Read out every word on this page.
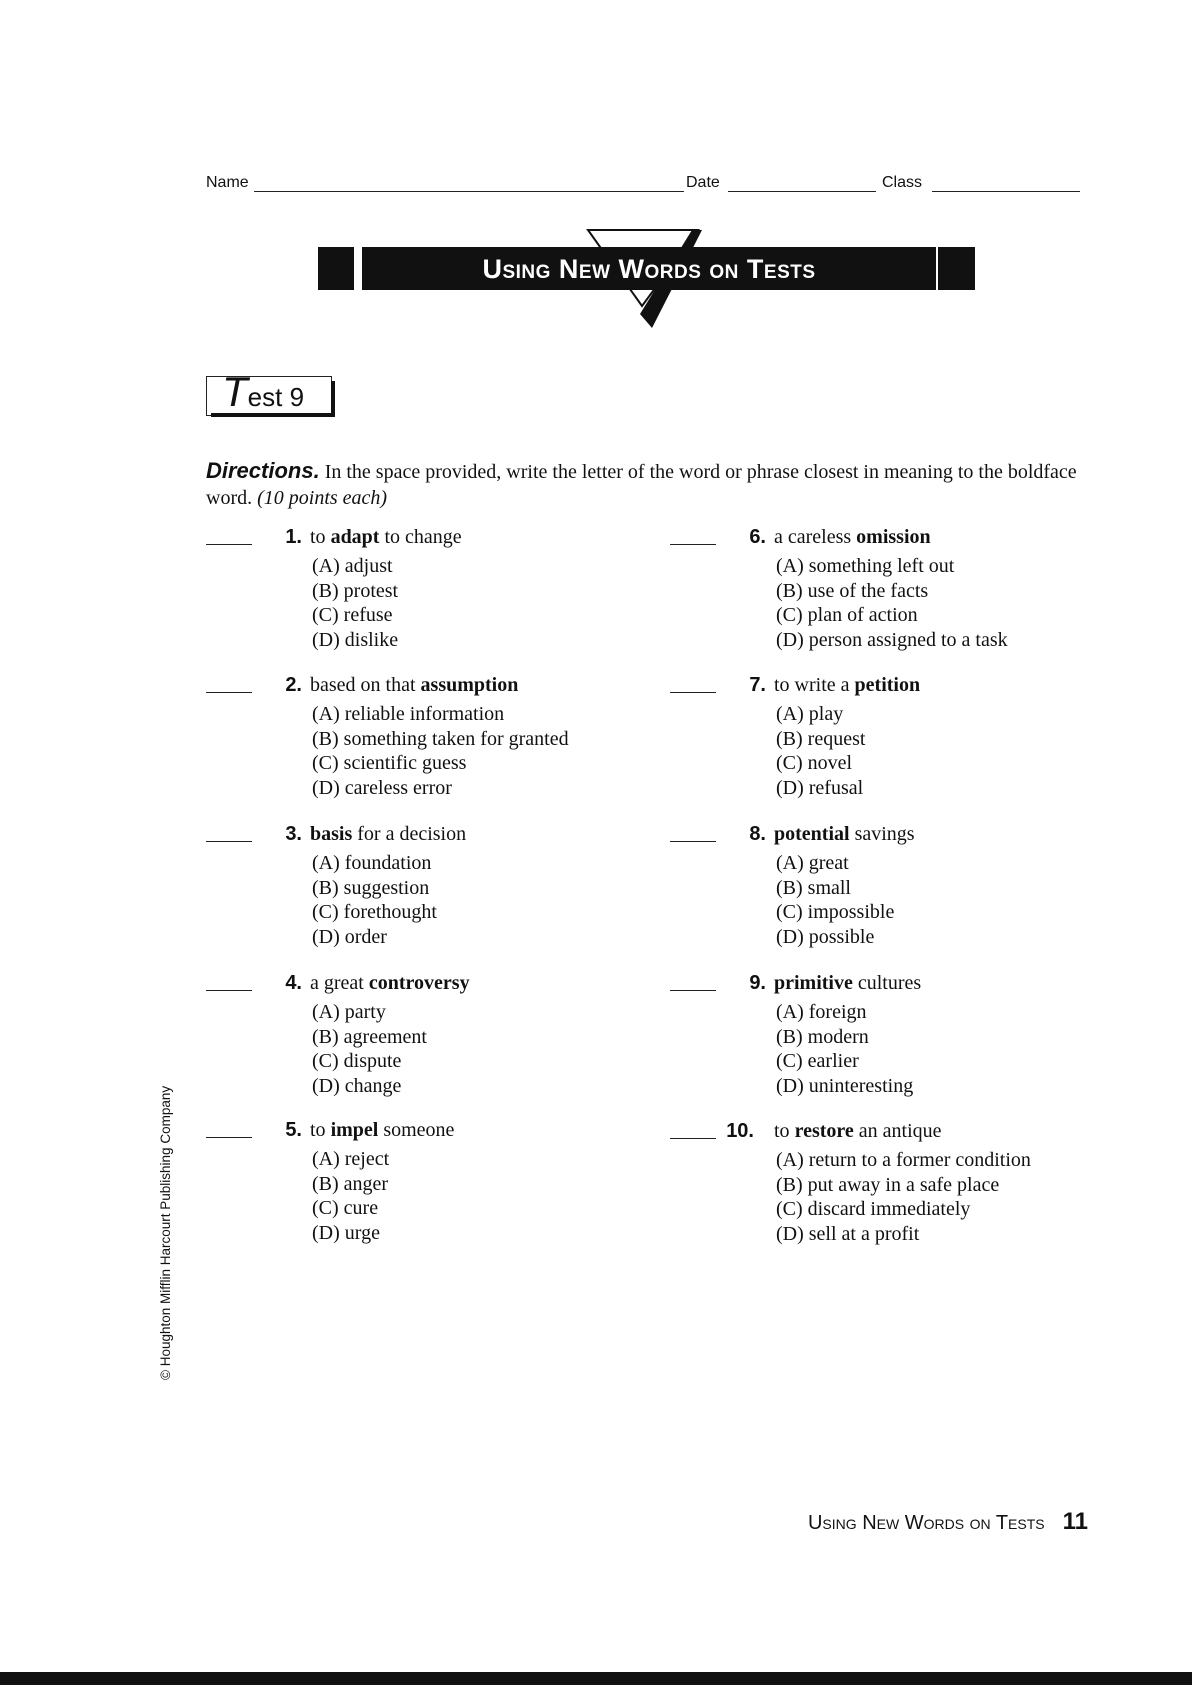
Name	Date	Class
Using New Words on Tests
Test 9
Directions. In the space provided, write the letter of the word or phrase closest in meaning to the boldface word. (10 points each)
1. to adapt to change
(A) adjust
(B) protest
(C) refuse
(D) dislike
2. based on that assumption
(A) reliable information
(B) something taken for granted
(C) scientific guess
(D) careless error
3. basis for a decision
(A) foundation
(B) suggestion
(C) forethought
(D) order
4. a great controversy
(A) party
(B) agreement
(C) dispute
(D) change
5. to impel someone
(A) reject
(B) anger
(C) cure
(D) urge
6. a careless omission
(A) something left out
(B) use of the facts
(C) plan of action
(D) person assigned to a task
7. to write a petition
(A) play
(B) request
(C) novel
(D) refusal
8. potential savings
(A) great
(B) small
(C) impossible
(D) possible
9. primitive cultures
(A) foreign
(B) modern
(C) earlier
(D) uninteresting
10. to restore an antique
(A) return to a former condition
(B) put away in a safe place
(C) discard immediately
(D) sell at a profit
© Houghton Mifflin Harcourt Publishing Company
Using New Words on Tests 11
